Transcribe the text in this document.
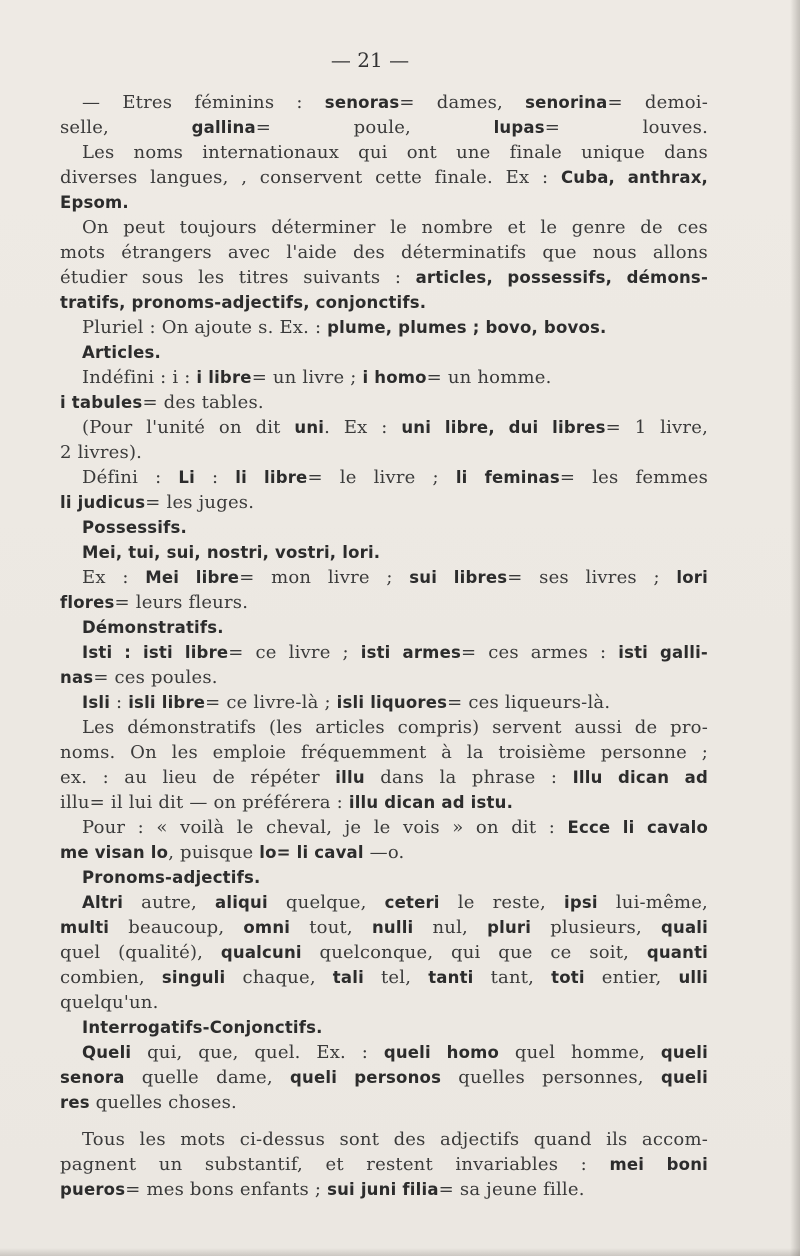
— 21 —
— Etres féminins : senoras= dames, senorina= demoi-
selle, gallina= poule, lupas= louves.
Les noms internationaux qui ont une finale unique dans
diverses langues, , conservent cette finale. Ex : Cuba, anthrax,
Epsom.
On peut toujours déterminer le nombre et le genre de ces
mots étrangers avec l'aide des déterminatifs que nous allons
étudier sous les titres suivants : articles, possessifs, démons-
tratifs, pronoms-adjectifs, conjonctifs.
Pluriel : On ajoute s. Ex. : plume, plumes ; bovo, bovos.
Articles.
Indéfini : i : i libre= un livre ; i homo= un homme.
i tabules= des tables.
(Pour l'unité on dit uni. Ex : uni libre, dui libres= 1 livre,
2 livres).
Défini : Li : li libre= le livre ; li feminas= les femmes
li judicus= les juges.
Possessifs.
Mei, tui, sui, nostri, vostri, lori.
Ex : Mei libre= mon livre ; sui libres= ses livres ; lori
flores= leurs fleurs.
Démonstratifs.
Isti : isti libre= ce livre ; isti armes= ces armes : isti galli-
nas= ces poules.
Isli : isli libre= ce livre-là ; isli liquores= ces liqueurs-là.
Les démonstratifs (les articles compris) servent aussi de pro-
noms. On les emploie fréquemment à la troisième personne ;
ex. : au lieu de répéter illu dans la phrase : Illu dican ad
illu= il lui dit — on préférera : illu dican ad istu.
Pour : « voilà le cheval, je le vois » on dit : Ecce li cavalo
me visan lo, puisque lo= li caval —o.
Pronoms-adjectifs.
Altri autre, aliqui quelque, ceteri le reste, ipsi lui-même,
multi beaucoup, omni tout, nulli nul, pluri plusieurs, quali
quel (qualité), qualcuni quelconque, qui que ce soit, quanti
combien, singuli chaque, tali tel, tanti tant, toti entier, ulli
quelqu'un.
Interrogatifs-Conjonctifs.
Queli qui, que, quel. Ex. : queli homo quel homme, queli
senora quelle dame, queli personos quelles personnes, queli
res quelles choses.
Tous les mots ci-dessus sont des adjectifs quand ils accom-
pagnent un substantif, et restent invariables : mei boni
pueros= mes bons enfants ; sui juni filia= sa jeune fille.
